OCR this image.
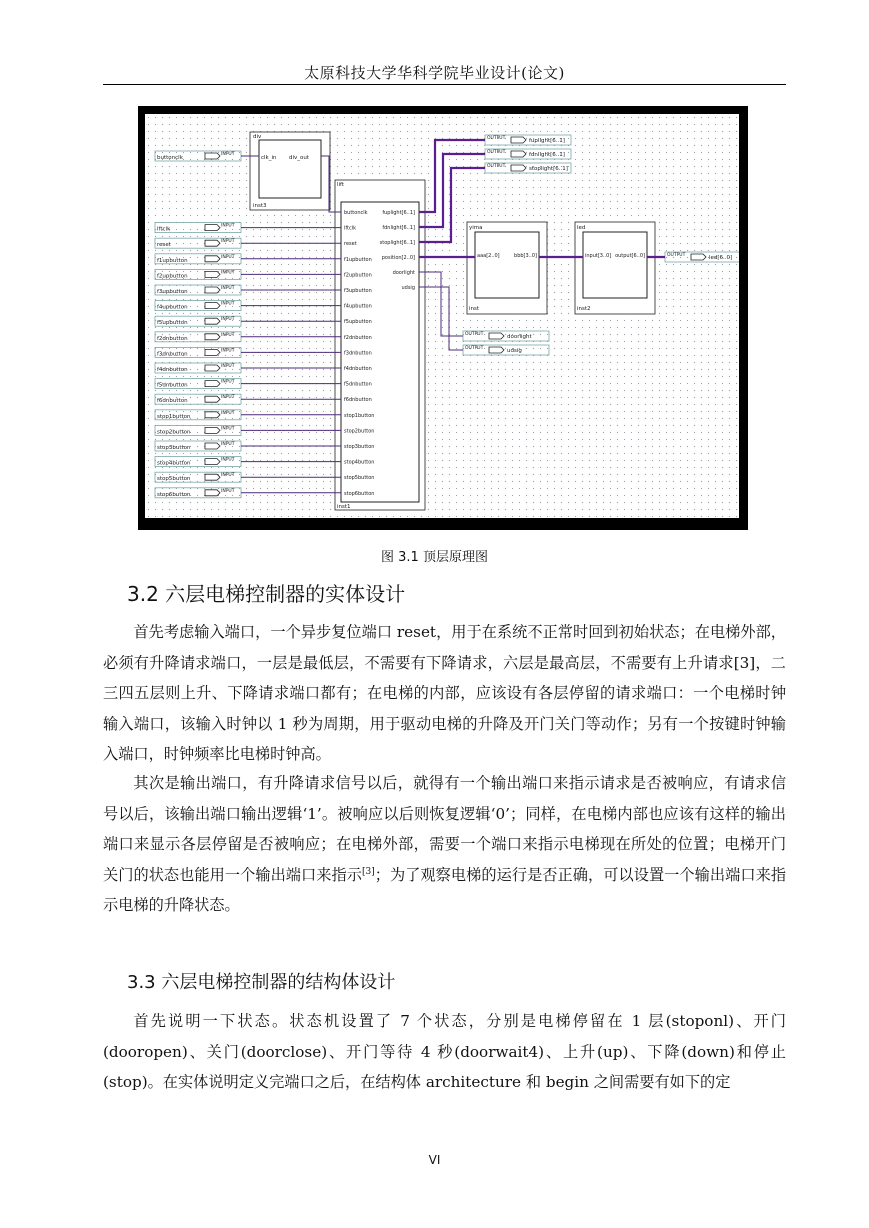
太原科技大学华科学院毕业设计(论文)
div
clk_in div_out
inst3
buttonclk
INPUT
lift
inst1
buttonclk
lftclk
reset
f1upbutton
f2upbutton
f3upbutton
f4upbutton
f5upbutton
f2dnbutton
f3dnbutton
f4dnbutton
f5dnbutton
f6dnbutton
stop1button
stop2button
stop3button
stop4button
stop5button
stop6button
lftclk
INPUT
reset
INPUT
f1upbutton
INPUT
f2upbutton
INPUT
f3upbutton
INPUT
f4upbutton
INPUT
f5upbutton
INPUT
f2dnbutton
INPUT
f3dnbutton
INPUT
f4dnbutton
INPUT
f5dnbutton
INPUT
f6dnbutton
INPUT
stop1button
INPUT
stop2button
INPUT
stop3button
INPUT
stop4button
INPUT
stop5button
INPUT
stop6button
INPUT
fuplight[6..1]
fdnlight[6..1]
stoplight[6..1]
position[2..0]
doorlight
udsig
OUTPUT	fuplight[6..1]
OUTPUT	fdnlight[6..1]
OUTPUT	stoplight[6..1]
yima
aaa[2..0]	bbb[3..0]
inst
led
input[3..0] output[6..0]
inst2
OUTPUT	led[6..0]
OUTPUT	doorlight
OUTPUT	udsig
图 3.1 顶层原理图
3.2 六层电梯控制器的实体设计

首先考虑输入端口，一个异步复位端口 reset，用于在系统不正常时回到初始状态；在电梯外部，必须有升降请求端口，一层是最低层，不需要有下降请求，六层是最高层，不需要有上升请求[3]，二三四五层则上升、下降请求端口都有；在电梯的内部，应该设有各层停留的请求端口：一个电梯时钟输入端口，该输入时钟以 1 秒为周期，用于驱动电梯的升降及开门关门等动作；另有一个按键时钟输入端口，时钟频率比电梯时钟高。

其次是输出端口，有升降请求信号以后，就得有一个输出端口来指示请求是否被响应，有请求信号以后，该输出端口输出逻辑‘1’。被响应以后则恢复逻辑‘0’；同样，在电梯内部也应该有这样的输出端口来显示各层停留是否被响应；在电梯外部，需要一个端口来指示电梯现在所处的位置；电梯开门关门的状态也能用一个输出端口来指示[3]；为了观察电梯的运行是否正确，可以设置一个输出端口来指示电梯的升降状态。

3.3 六层电梯控制器的结构体设计

首先说明一下状态。状态机设置了 7 个状态，分别是电梯停留在 1 层(stoponl)、开门(dooropen)、关门(doorclose)、开门等待 4 秒(doorwait4)、上升(up)、下降(down)和停止(stop)。在实体说明定义完端口之后，在结构体 architecture 和 begin 之间需要有如下的定

VI
